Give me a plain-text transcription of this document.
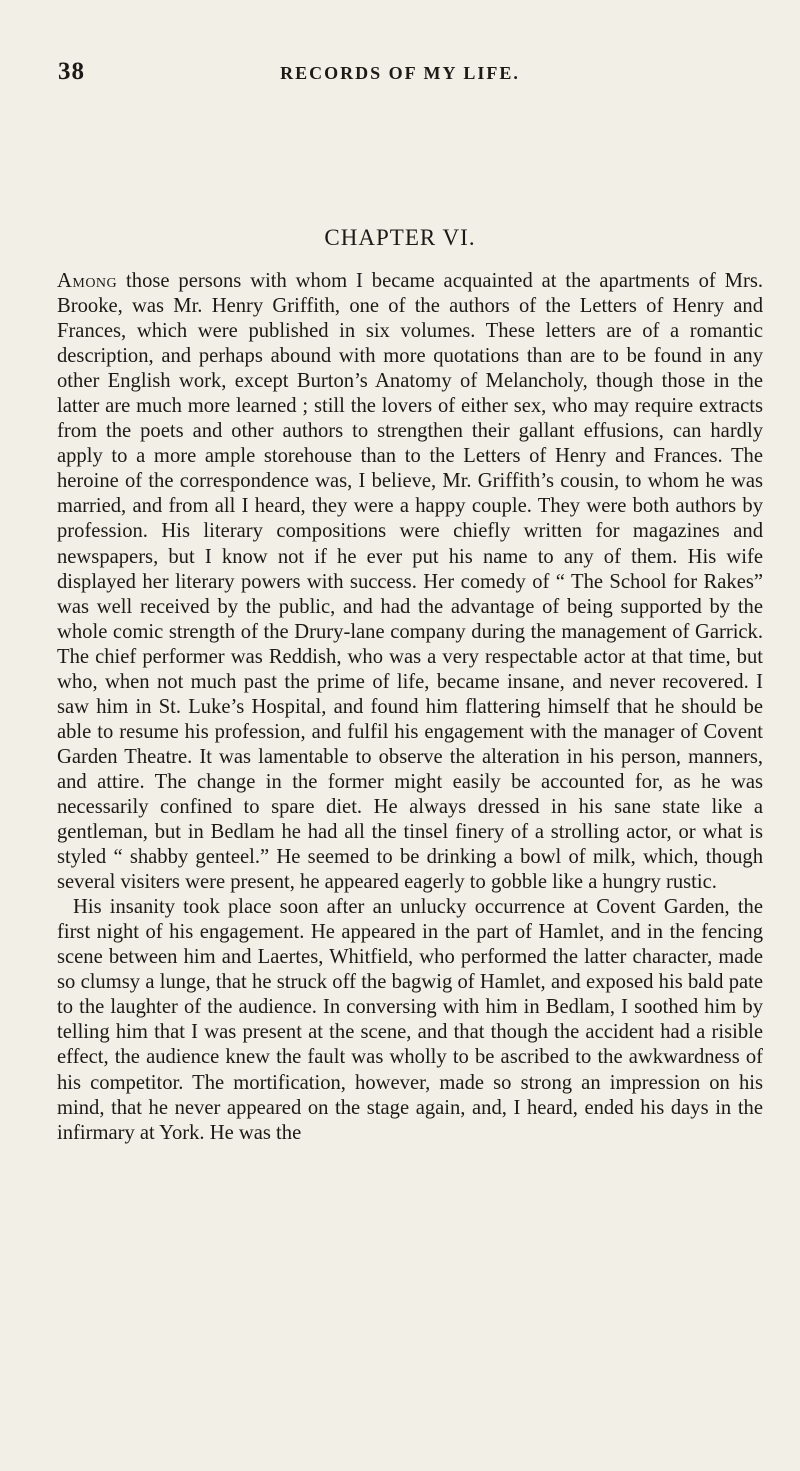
38	RECORDS OF MY LIFE.
CHAPTER VI.

Among those persons with whom I became acquainted at the apartments of Mrs. Brooke, was Mr. Henry Griffith, one of the authors of the Letters of Henry and Frances, which were published in six volumes. These letters are of a romantic description, and perhaps abound with more quotations than are to be found in any other English work, except Burton’s Anatomy of Melancholy, though those in the latter are much more learned ; still the lovers of either sex, who may require extracts from the poets and other authors to strengthen their gallant effusions, can hardly apply to a more ample storehouse than to the Letters of Henry and Frances. The heroine of the correspondence was, I believe, Mr. Griffith’s cousin, to whom he was married, and from all I heard, they were a happy couple. They were both authors by profession. His literary compositions were chiefly written for magazines and newspapers, but I know not if he ever put his name to any of them. His wife displayed her literary powers with success. Her comedy of “ The School for Rakes” was well received by the public, and had the advantage of being supported by the whole comic strength of the Drury-lane company during the management of Garrick. The chief performer was Reddish, who was a very respectable actor at that time, but who, when not much past the prime of life, became insane, and never recovered. I saw him in St. Luke’s Hospital, and found him flattering himself that he should be able to resume his profession, and fulfil his engagement with the manager of Covent Garden Theatre. It was lamentable to observe the alteration in his person, manners, and attire. The change in the former might easily be accounted for, as he was necessarily confined to spare diet. He always dressed in his sane state like a gentleman, but in Bedlam he had all the tinsel finery of a strolling actor, or what is styled “ shabby genteel.” He seemed to be drinking a bowl of milk, which, though several visiters were present, he appeared eagerly to gobble like a hungry rustic.

His insanity took place soon after an unlucky occurrence at Covent Garden, the first night of his engagement. He appeared in the part of Hamlet, and in the fencing scene between him and Laertes, Whitfield, who performed the latter character, made so clumsy a lunge, that he struck off the bagwig of Hamlet, and exposed his bald pate to the laughter of the audience. In conversing with him in Bedlam, I soothed him by telling him that I was present at the scene, and that though the accident had a risible effect, the audience knew the fault was wholly to be ascribed to the awkwardness of his competitor. The mortification, however, made so strong an impression on his mind, that he never appeared on the stage again, and, I heard, ended his days in the infirmary at York. He was the
